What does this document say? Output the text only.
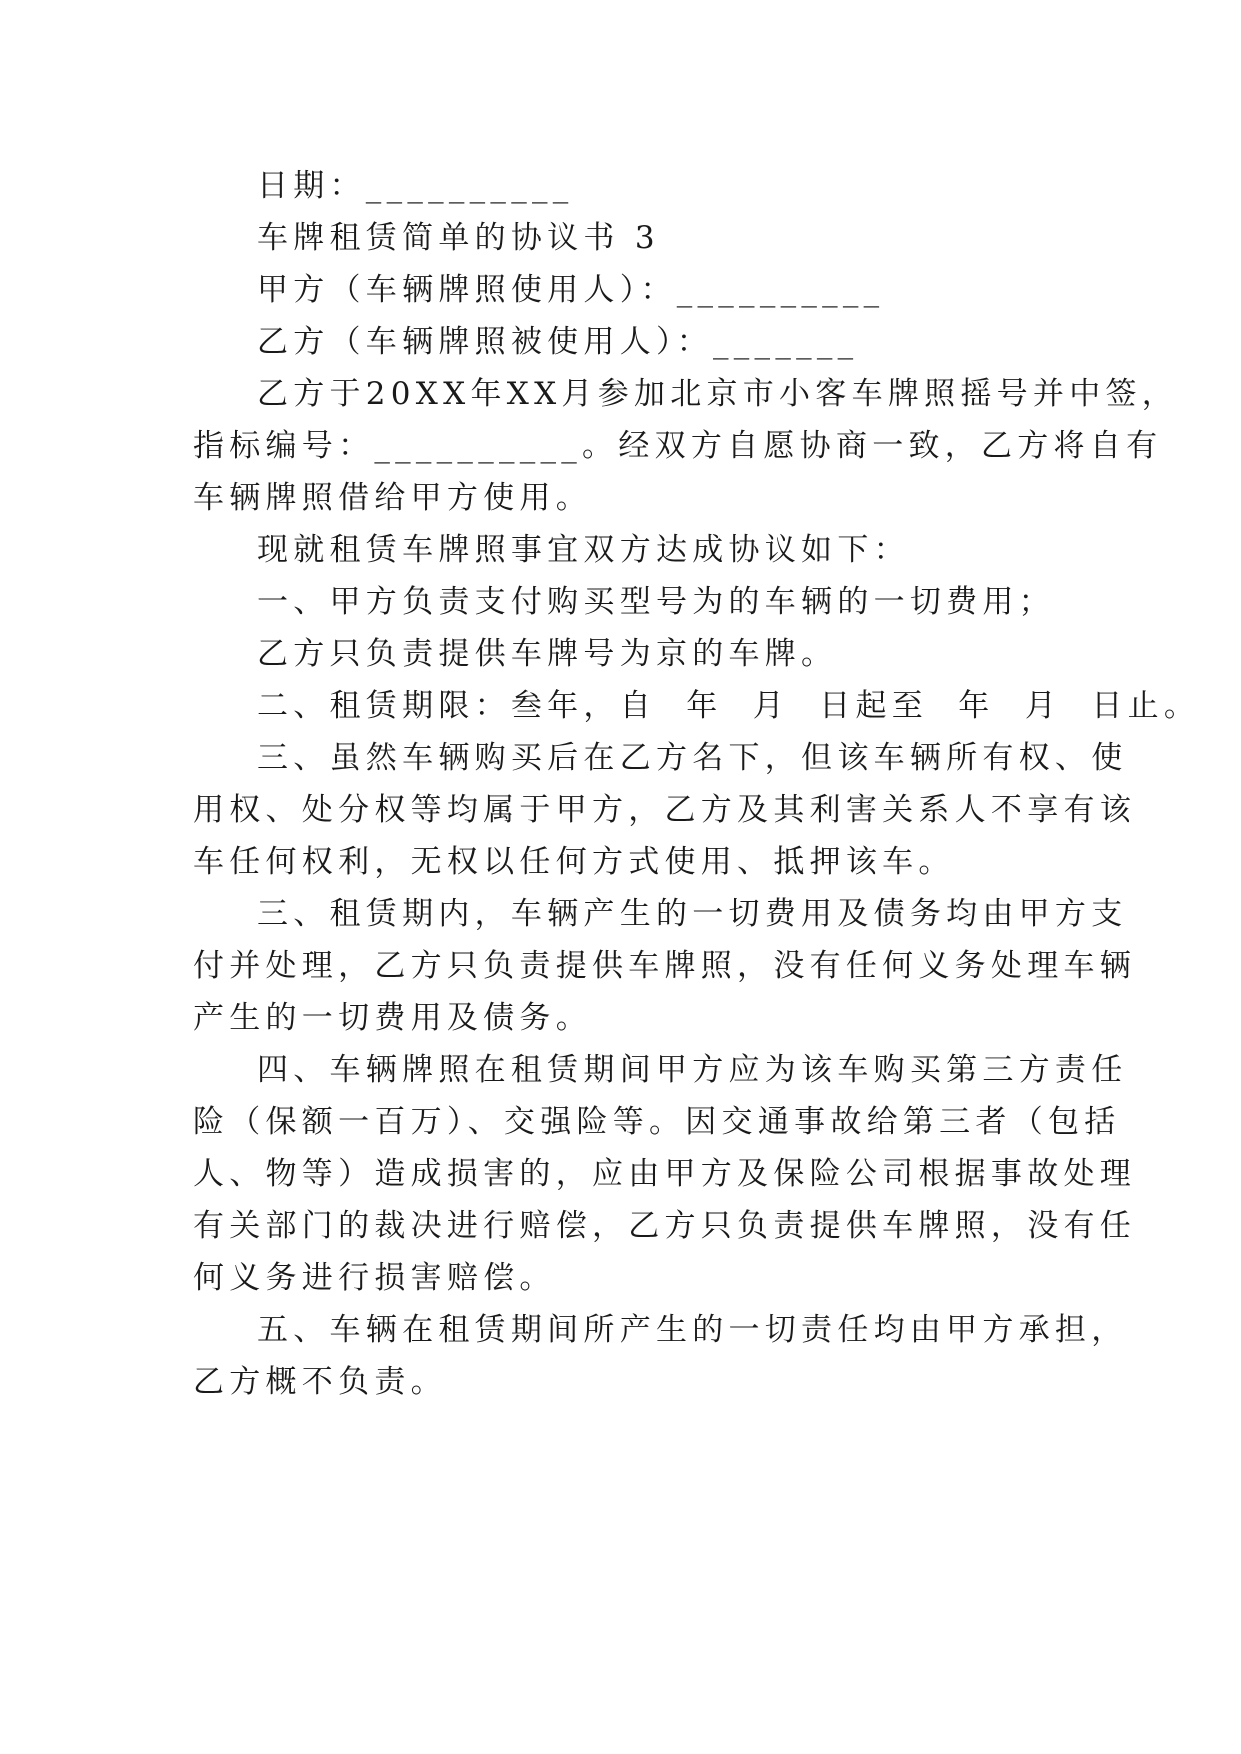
日期：__________
车牌租赁简单的协议书 3
甲方（车辆牌照使用人）：__________
乙方（车辆牌照被使用人）：_______
乙方于20XX年XX月参加北京市小客车牌照摇号并中签，
指标编号：__________。经双方自愿协商一致，乙方将自有
车辆牌照借给甲方使用。
现就租赁车牌照事宜双方达成协议如下：
一、甲方负责支付购买型号为的车辆的一切费用；
乙方只负责提供车牌号为京的车牌。
二、租赁期限：叁年，自  年  月  日起至  年  月  日止。
三、虽然车辆购买后在乙方名下，但该车辆所有权、使
用权、处分权等均属于甲方，乙方及其利害关系人不享有该
车任何权利，无权以任何方式使用、抵押该车。
三、租赁期内，车辆产生的一切费用及债务均由甲方支
付并处理，乙方只负责提供车牌照，没有任何义务处理车辆
产生的一切费用及债务。
四、车辆牌照在租赁期间甲方应为该车购买第三方责任
险（保额一百万）、交强险等。因交通事故给第三者（包括
人、物等）造成损害的，应由甲方及保险公司根据事故处理
有关部门的裁决进行赔偿，乙方只负责提供车牌照，没有任
何义务进行损害赔偿。
五、车辆在租赁期间所产生的一切责任均由甲方承担，
乙方概不负责。
